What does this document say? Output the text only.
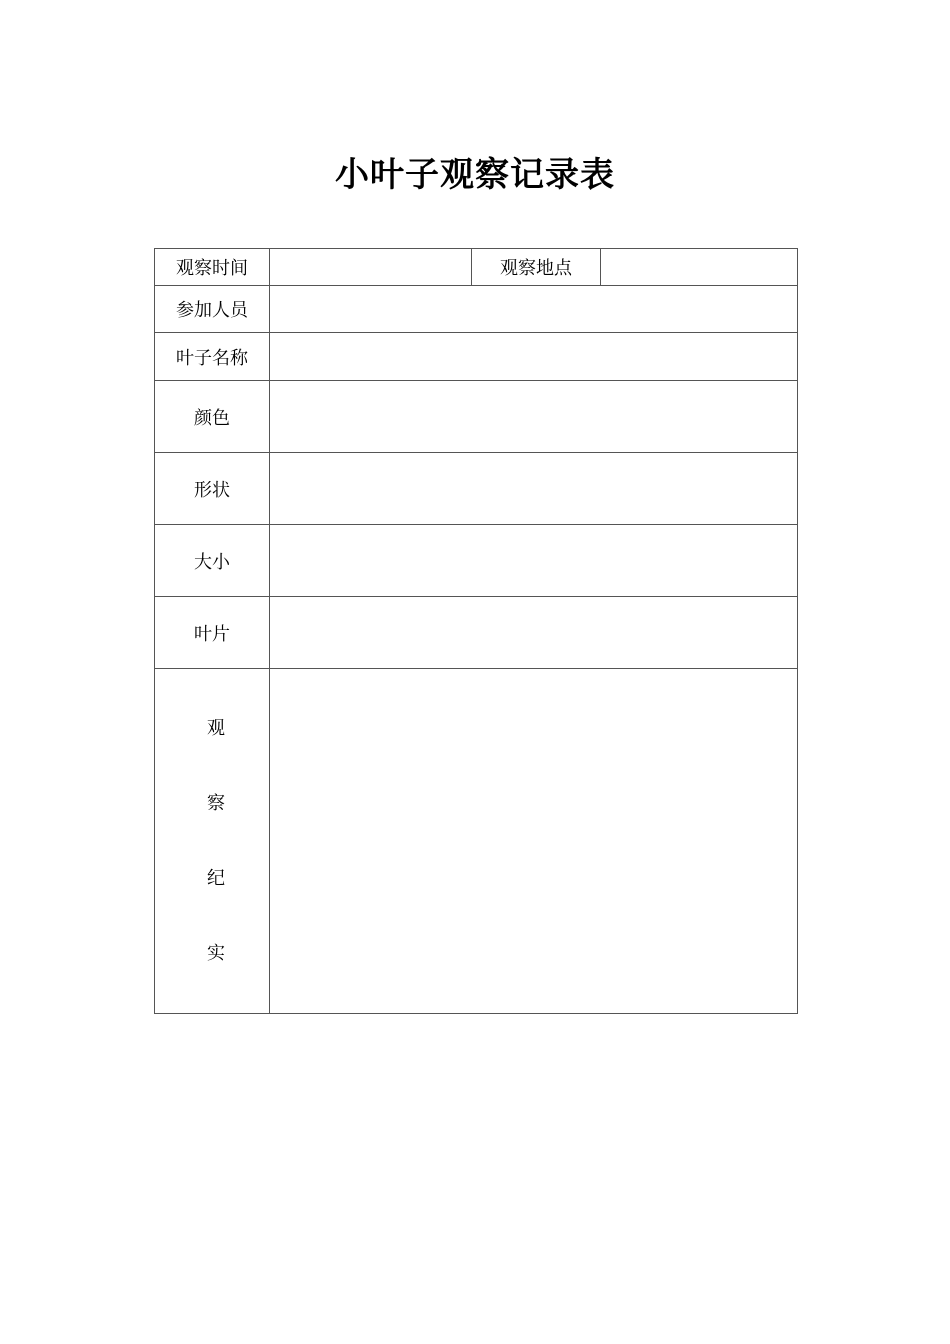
小叶子观察记录表
观察时间		观察地点	
参加人员			
叶子名称			
颜色			
形状			
大小			
叶片			

观
察
纪
实			
